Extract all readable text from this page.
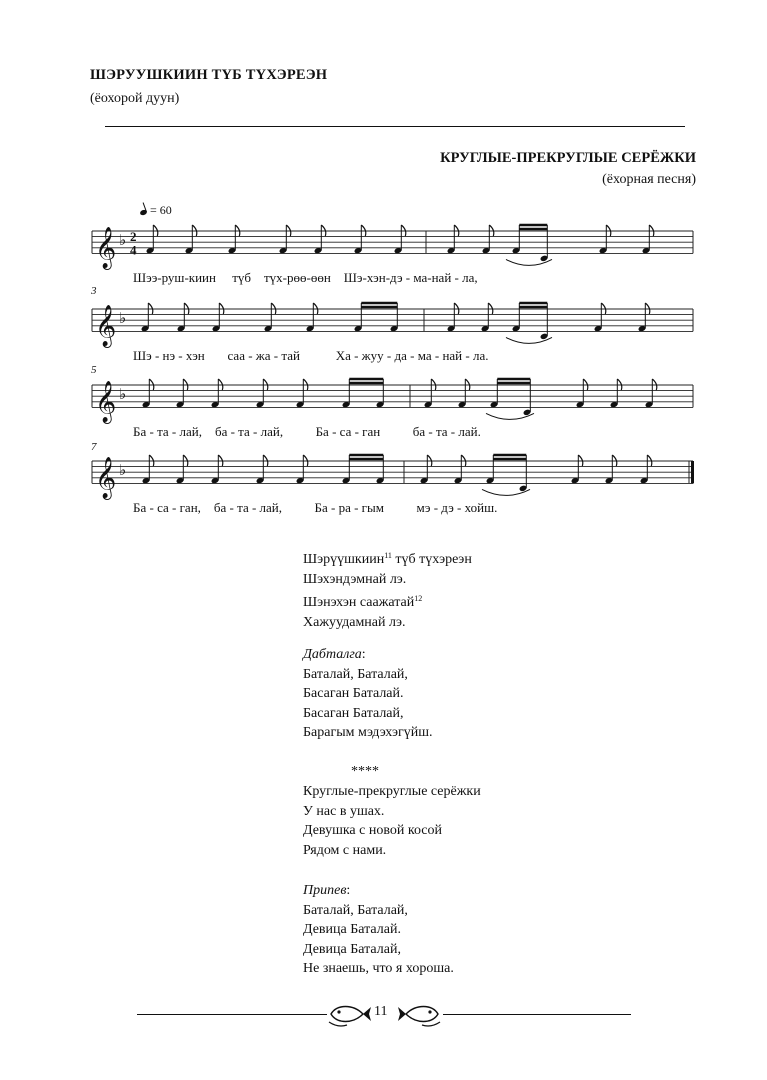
ШЭРУУШКИИН ТҮБ ТҮХЭРЕЭН
(ёохорой дуун)
КРУГЛЫЕ-ПРЕКРУГЛЫЕ СЕРЁЖКИ
(ёхорная песня)
= 60
𝄞 ♭ 2
4
𝄞 ♭
𝄞 ♭
𝄞 ♭
3
5
7
Шээ-руш-киин     түб    түх-рөө-өөн    Шэ-хэн-дэ - ма-най - ла,
Шэ - нэ - хэн       саа - жа - тай           Ха - жуу - да - ма - най - ла.
Ба - та - лай,    ба - та - лай,          Ба - са - ган          ба - та - лай.
Ба - са - ган,    ба - та - лай,          Ба - ра - гым          мэ - дэ - хойш.
Шэрүүшкиин$^{11}$ түб түхэреэн
Шэхэндэмнай лэ.
Шэнэхэн саажатай$^{12}$
Хажуудамнай лэ.
Дабталга:
Баталай, Баталай,
Басаган Баталай.
Басаган Баталай,
Барагым мэдэхэгүйш.
****
Круглые-прекруглые серёжки
У нас в ушах.
Девушка с новой косой
Рядом с нами.
Припев:
Баталай, Баталай,
Девица Баталай.
Девица Баталай,
Не знаешь, что я хороша.
11
